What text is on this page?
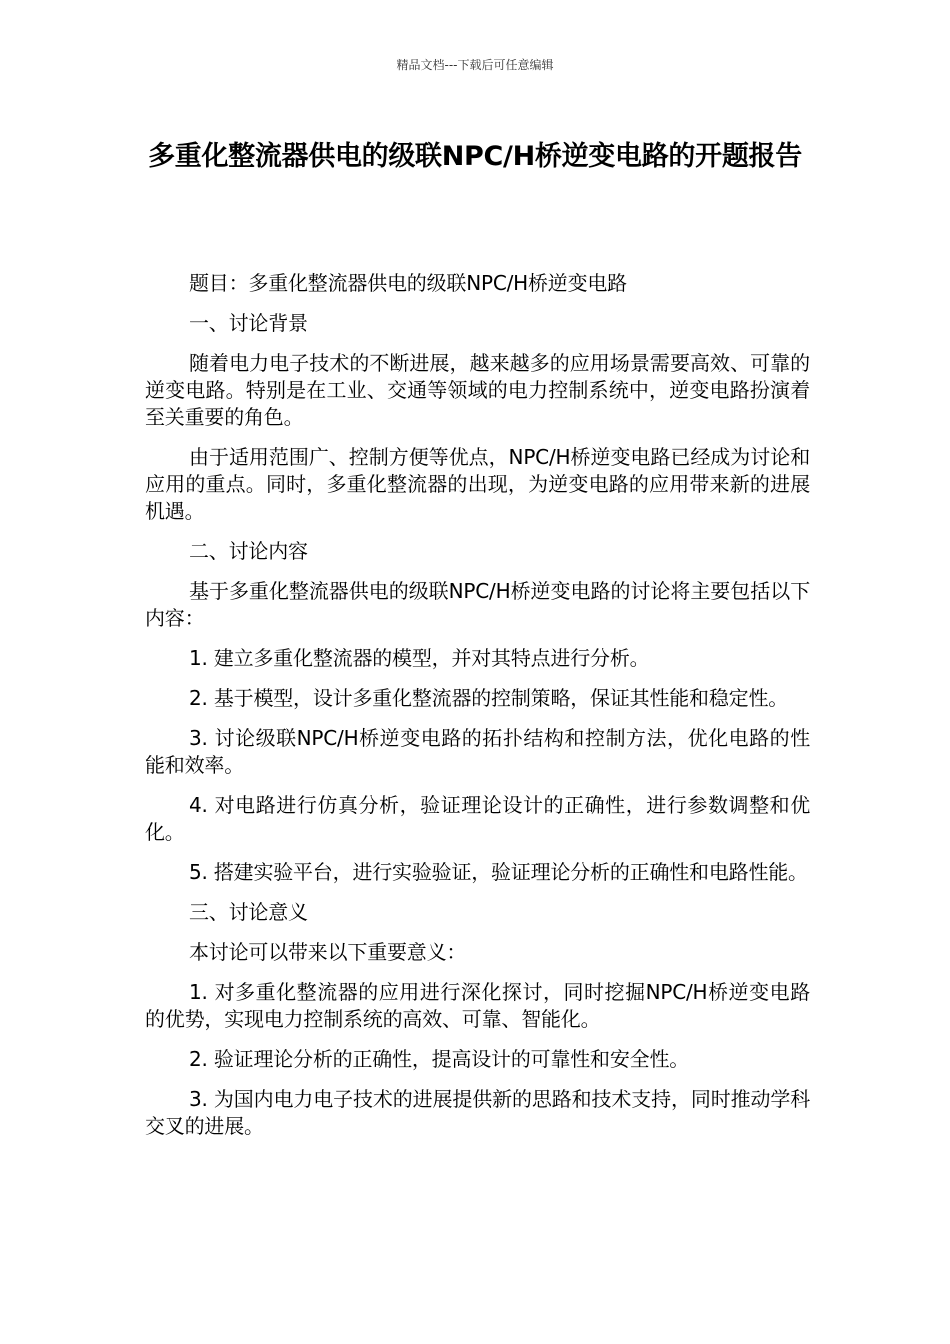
精品文档---下载后可任意编辑
多重化整流器供电的级联NPC/H桥逆变电路的开题报告

题目：多重化整流器供电的级联NPC/H桥逆变电路

一、讨论背景

随着电力电子技术的不断进展，越来越多的应用场景需要高效、可靠的逆变电路。特别是在工业、交通等领域的电力控制系统中，逆变电路扮演着至关重要的角色。

由于适用范围广、控制方便等优点，NPC/H桥逆变电路已经成为讨论和应用的重点。同时，多重化整流器的出现，为逆变电路的应用带来新的进展机遇。

二、讨论内容

基于多重化整流器供电的级联NPC/H桥逆变电路的讨论将主要包括以下内容：

1. 建立多重化整流器的模型，并对其特点进行分析。

2. 基于模型，设计多重化整流器的控制策略，保证其性能和稳定性。

3. 讨论级联NPC/H桥逆变电路的拓扑结构和控制方法，优化电路的性能和效率。

4. 对电路进行仿真分析，验证理论设计的正确性，进行参数调整和优化。

5. 搭建实验平台，进行实验验证，验证理论分析的正确性和电路性能。

三、讨论意义

本讨论可以带来以下重要意义：

1. 对多重化整流器的应用进行深化探讨，同时挖掘NPC/H桥逆变电路的优势，实现电力控制系统的高效、可靠、智能化。

2. 验证理论分析的正确性，提高设计的可靠性和安全性。

3. 为国内电力电子技术的进展提供新的思路和技术支持，同时推动学科交叉的进展。
